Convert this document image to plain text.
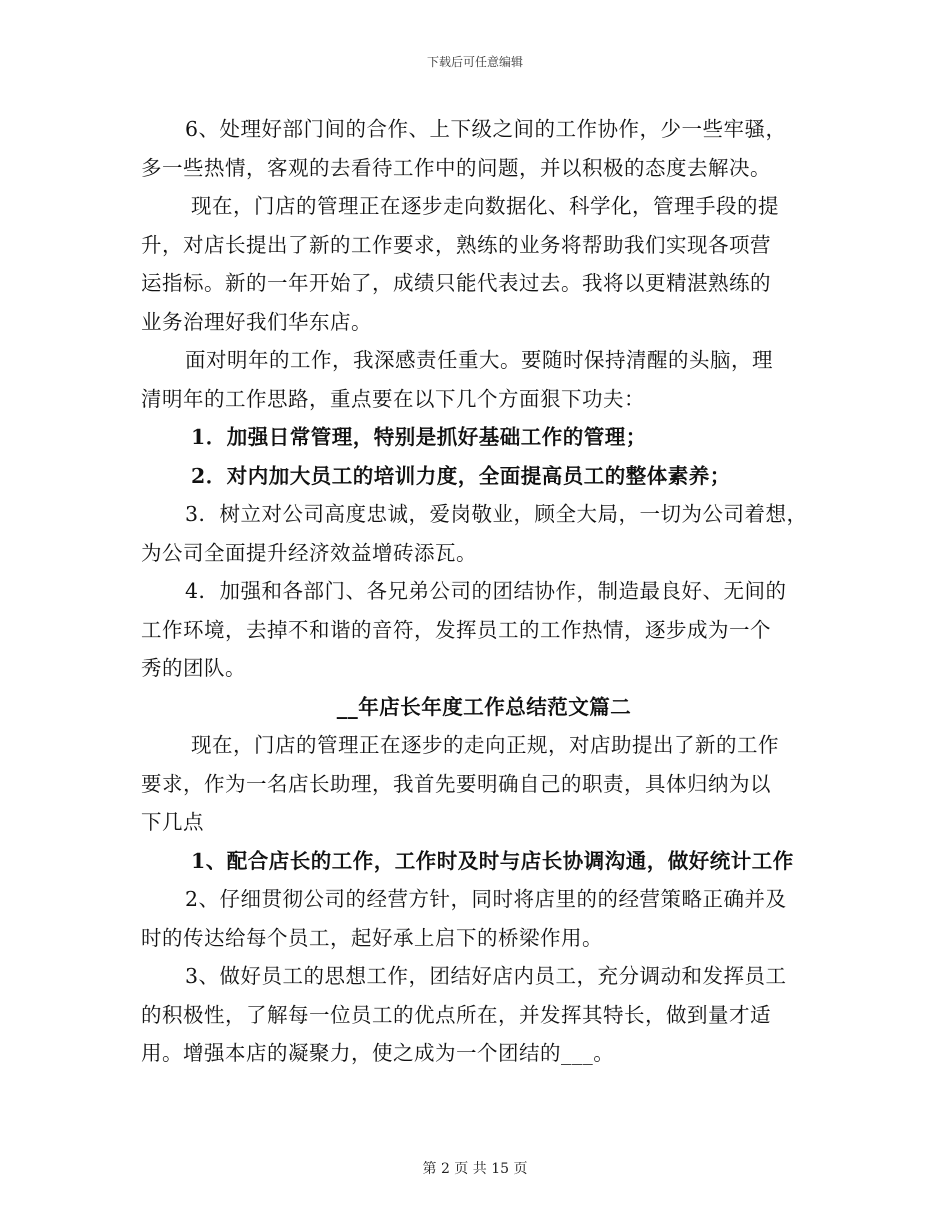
下载后可任意编辑
6、处理好部门间的合作、上下级之间的工作协作，少一些牢骚，
多一些热情，客观的去看待工作中的问题，并以积极的态度去解决。
现在，门店的管理正在逐步走向数据化、科学化，管理手段的提
升，对店长提出了新的工作要求，熟练的业务将帮助我们实现各项营
运指标。新的一年开始了，成绩只能代表过去。我将以更精湛熟练的
业务治理好我们华东店。
面对明年的工作，我深感责任重大。要随时保持清醒的头脑，理
清明年的工作思路，重点要在以下几个方面狠下功夫：
1．加强日常管理，特别是抓好基础工作的管理；
2．对内加大员工的培训力度，全面提高员工的整体素养；
3．树立对公司高度忠诚，爱岗敬业，顾全大局，一切为公司着想，
为公司全面提升经济效益增砖添瓦。
4．加强和各部门、各兄弟公司的团结协作，制造最良好、无间的
工作环境，去掉不和谐的音符，发挥员工的工作热情，逐步成为一个
秀的团队。
__年店长年度工作总结范文篇二
现在，门店的管理正在逐步的走向正规，对店助提出了新的工作
要求，作为一名店长助理，我首先要明确自己的职责，具体归纳为以
下几点
1、配合店长的工作，工作时及时与店长协调沟通，做好统计工作
2、仔细贯彻公司的经营方针，同时将店里的的经营策略正确并及
时的传达给每个员工，起好承上启下的桥梁作用。
3、做好员工的思想工作，团结好店内员工，充分调动和发挥员工
的积极性，了解每一位员工的优点所在，并发挥其特长，做到量才适
用。增强本店的凝聚力，使之成为一个团结的___。
第 2 页 共 15 页
